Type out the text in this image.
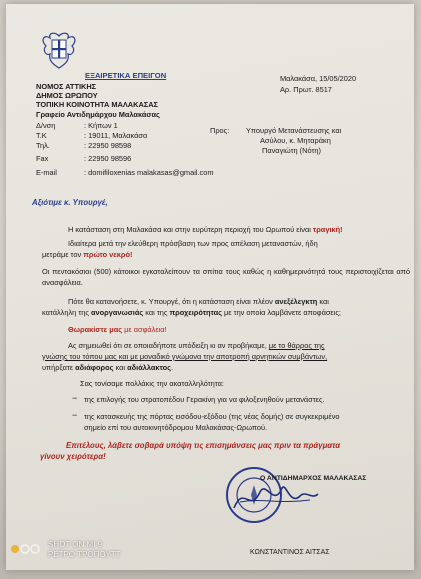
ΕΞΑΙΡΕΤΙΚΑ ΕΠΕΙΓΟΝ
ΝΟΜΟΣ ΑΤΤΙΚΗΣ
ΔΗΜΟΣ ΩΡΩΠΟΥ
ΤΟΠΙΚΗ ΚΟΙΝΟΤΗΤΑ ΜΑΛΑΚΑΣΑΣ
Γραφείο Αντιδημάρχου Μαλακάσας
Δ/νση	: Κήπων 1
Τ.Κ	: 19011, Μαλακάσα
Τηλ.	: 22950 98598
Fax	: 22950 98596
E-mail	: domifiloxenias malakasas@gmail.com
Μαλακάσα, 15/05/2020
Αρ. Πρωτ. 8517
Προς: Υπουργό Μετανάστευσης και
Ασύλου, κ. Μηταράκη
Παναγιώτη (Νότη)
Αξιότιμε κ. Υπουργέ,
Η κατάσταση στη Μαλακάσα και στην ευρύτερη περιοχή του Ωρωπού είναι τραγική!
Ιδιαίτερα μετά την ελεύθερη πρόσβαση των προς απέλαση μεταναστών, ήδη
μετράμε τον πρώτο νεκρό!
Οι πεντακόσιοι (500) κάτοικοι εγκαταλείπουν τα σπίτια τους καθώς η καθημερινότητά τους περιστοιχίζεται από ανασφάλεια.
Πότε θα κατανοήσετε, κ. Υπουργέ, ότι η κατάσταση είναι πλέον ανεξέλεγκτη και
κατάλληλη της ανοργανωσιάς και της προχειρότητας με την οποία λαμβάνετε αποφάσεις;
Θωρακίστε μας με ασφάλεια!
Ας σημειωθεί ότι σε οποιαδήποτε υπόδειξη κι αν προβήκαμε, με το θάρρος της
γνώσης του τόπου μας και με μοναδικό γνώμονα την αποτροπή αρνητικών συμβάντων,
υπήρξατε αδιάφορος και αδιάλλακτος.
Σας τονίσαμε πολλάκις την ακαταλληλότητα:
− της επιλογής του στρατοπέδου Γερακίνη για να φιλοξενηθούν μετανάστες.
− της κατασκευής της πόρτας εισόδου-εξόδου (της νέας δομής) σε συγκεκριμένο
σημείο επί του αυτοκινητόδρομου Μαλακάσας-Ωρωπού.
Επιτέλους, λάβετε σοβαρά υπόψη τις επισημάνσεις μας πριν τα πράγματα
γίνουν χειρότερα!
Ο ΑΝΤΙΔΗΜΑΡΧΟΣ ΜΑΛΑΚΑΣΑΣ
ΚΩΝΣΤΑΝΤΙΝΟΣ ΑΙΤΣΑΣ
SHOT ON MI 9
ΡΕΤΡΟ ΤΡΟΠΟΥΤΤ
